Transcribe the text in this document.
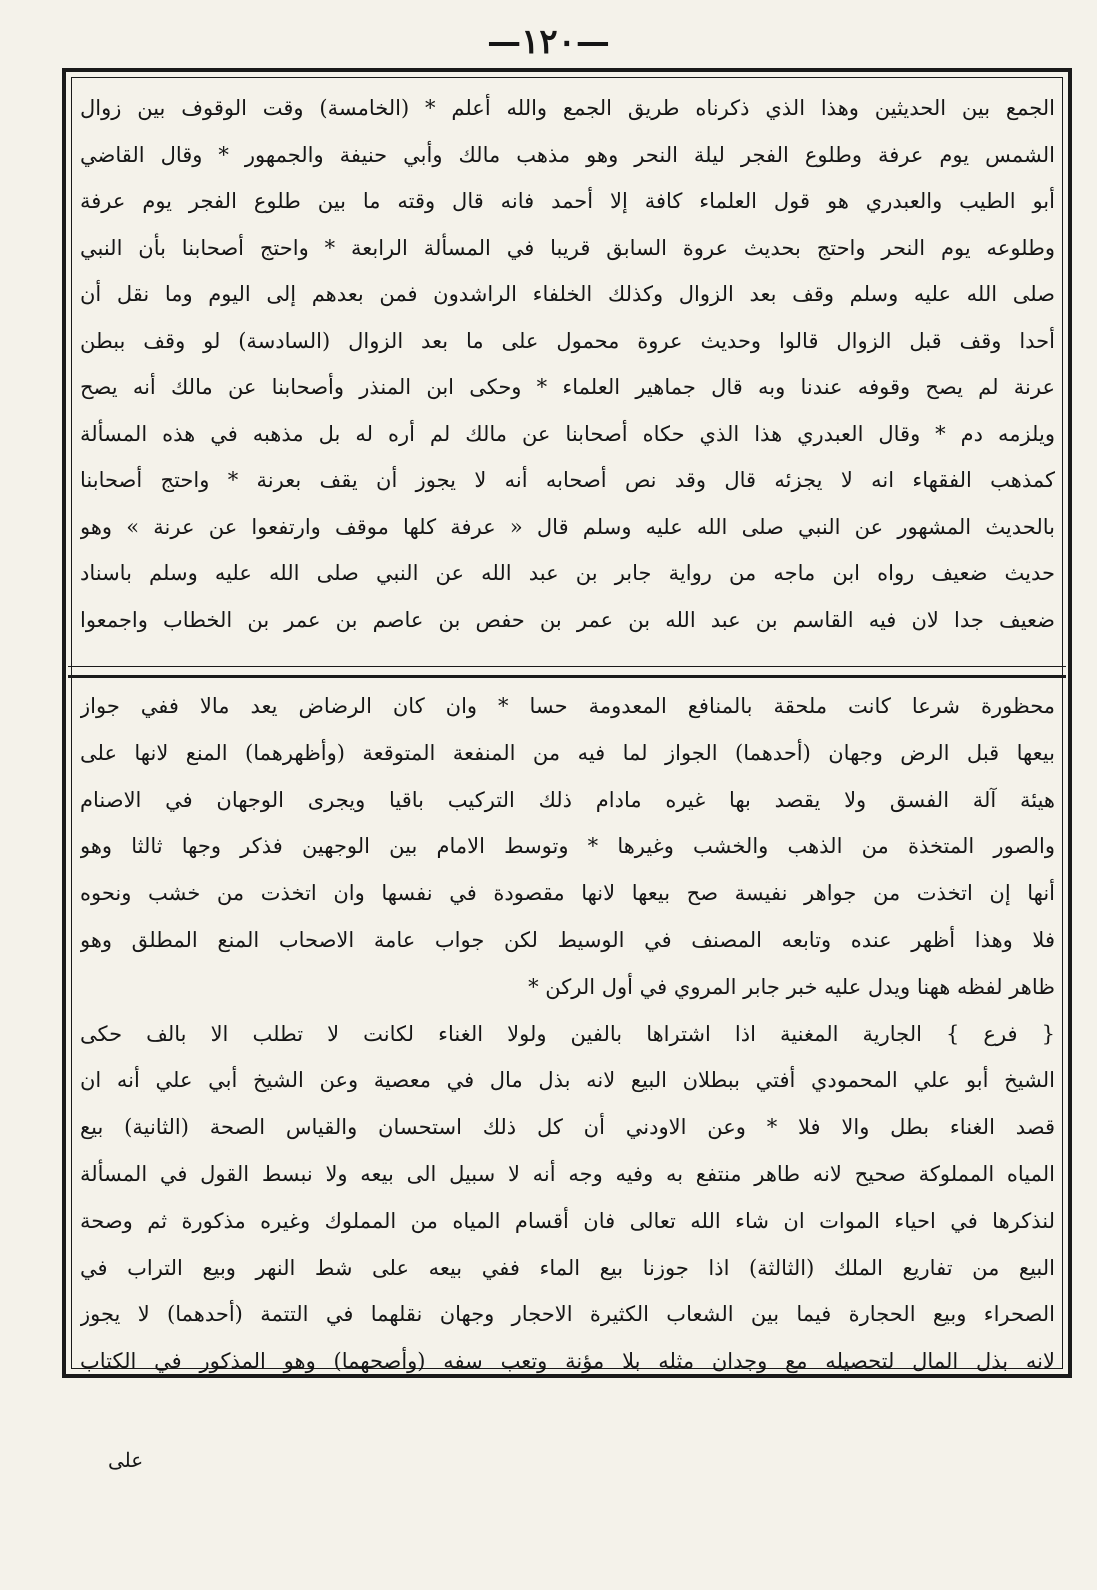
—١٢٠—
الجمع بين الحديثين وهذا الذي ذكرناه طريق الجمع والله أعلم * (الخامسة) وقت الوقوف بين زوال
الشمس يوم عرفة وطلوع الفجر ليلة النحر وهو مذهب مالك وأبي حنيفة والجمهور * وقال القاضي
أبو الطيب والعبدري هو قول العلماء كافة إلا أحمد فانه قال وقته ما بين طلوع الفجر يوم عرفة
وطلوعه يوم النحر واحتج بحديث عروة السابق قريبا في المسألة الرابعة * واحتج أصحابنا بأن النبي
صلى الله عليه وسلم وقف بعد الزوال وكذلك الخلفاء الراشدون فمن بعدهم إلى اليوم وما نقل أن
أحدا وقف قبل الزوال قالوا وحديث عروة محمول على ما بعد الزوال (السادسة) لو وقف ببطن
عرنة لم يصح وقوفه عندنا وبه قال جماهير العلماء * وحكى ابن المنذر وأصحابنا عن مالك أنه يصح
ويلزمه دم * وقال العبدري هذا الذي حكاه أصحابنا عن مالك لم أره له بل مذهبه في هذه المسألة
كمذهب الفقهاء انه لا يجزئه قال وقد نص أصحابه أنه لا يجوز أن يقف بعرنة * واحتج أصحابنا
بالحديث المشهور عن النبي صلى الله عليه وسلم قال « عرفة كلها موقف وارتفعوا عن عرنة » وهو
حديث ضعيف رواه ابن ماجه من رواية جابر بن عبد الله عن النبي صلى الله عليه وسلم باسناد
ضعيف جدا لان فيه القاسم بن عبد الله بن عمر بن حفص بن عاصم بن عمر بن الخطاب واجمعوا
محظورة شرعا كانت ملحقة بالمنافع المعدومة حسا * وان كان الرضاض يعد مالا ففي جواز
بيعها قبل الرض وجهان (أحدهما) الجواز لما فيه من المنفعة المتوقعة (وأظهرهما) المنع لانها على
هيئة آلة الفسق ولا يقصد بها غيره مادام ذلك التركيب باقيا ويجرى الوجهان في الاصنام
والصور المتخذة من الذهب والخشب وغيرها * وتوسط الامام بين الوجهين فذكر وجها ثالثا وهو
أنها إن اتخذت من جواهر نفيسة صح بيعها لانها مقصودة في نفسها وان اتخذت من خشب ونحوه
فلا وهذا أظهر عنده وتابعه المصنف في الوسيط لكن جواب عامة الاصحاب المنع المطلق وهو
ظاهر لفظه ههنا ويدل عليه خبر جابر المروي في أول الركن *
{ فرع } الجارية المغنية اذا اشتراها بالفين ولولا الغناء لكانت لا تطلب الا بالف حكى
الشيخ أبو علي المحمودي أفتي ببطلان البيع لانه بذل مال في معصية وعن الشيخ أبي علي أنه ان
قصد الغناء بطل والا فلا * وعن الاودني أن كل ذلك استحسان والقياس الصحة (الثانية) بيع
المياه المملوكة صحيح لانه طاهر منتفع به وفيه وجه أنه لا سبيل الى بيعه ولا نبسط القول في المسألة
لنذكرها في احياء الموات ان شاء الله تعالى فان أقسام المياه من المملوك وغيره مذكورة ثم وصحة
البيع من تفاريع الملك (الثالثة) اذا جوزنا بيع الماء ففي بيعه على شط النهر وبيع التراب في
الصحراء وبيع الحجارة فيما بين الشعاب الكثيرة الاحجار وجهان نقلهما في التتمة (أحدهما) لا يجوز
لانه بذل المال لتحصيله مع وجدان مثله بلا مؤنة وتعب سفه (وأصحهما) وهو المذكور في الكتاب
على
